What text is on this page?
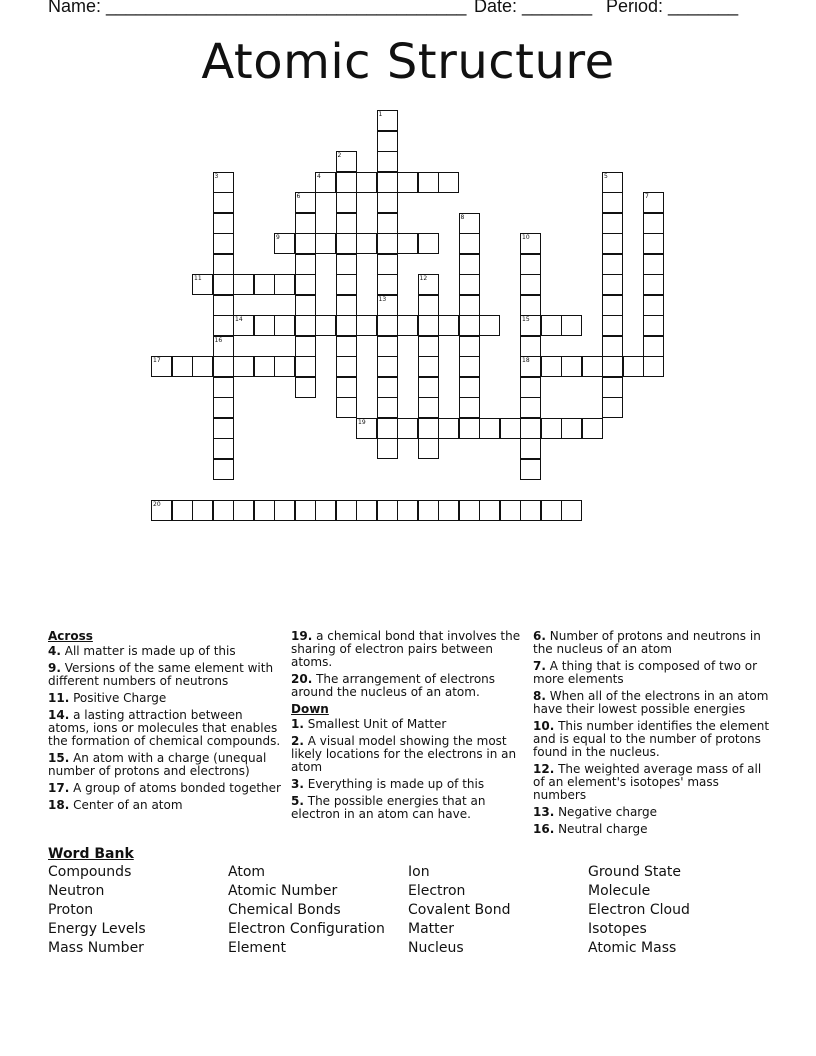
Name: ____________________________________ Date: _______ Period: _______
Atomic Structure
1
13
2
3
16
4	5
6	7
8
9	10
15
18
11	12
14
17
19
20
Across
4. All matter is made up of this
9. Versions of the same element with different numbers of neutrons
11. Positive Charge
14. a lasting attraction between atoms, ions or molecules that enables the formation of chemical compounds.
15. An atom with a charge (unequal number of protons and electrons)
17. A group of atoms bonded together
18. Center of an atom
19. a chemical bond that involves the sharing of electron pairs between atoms.
20. The arrangement of electrons around the nucleus of an atom.
Down
1. Smallest Unit of Matter
2. A visual model showing the most likely locations for the electrons in an atom
3. Everything is made up of this
5. The possible energies that an electron in an atom can have.
6. Number of protons and neutrons in the nucleus of an atom
7. A thing that is composed of two or more elements
8. When all of the electrons in an atom have their lowest possible energies
10. This number identifies the element and is equal to the number of protons found in the nucleus.
12. The weighted average mass of all of an element's isotopes' mass numbers
13. Negative charge
16. Neutral charge
Word Bank
Compounds
Neutron
Proton
Energy Levels
Mass Number
Atom
Atomic Number
Chemical Bonds
Electron Configuration
Element
Ion
Electron
Covalent Bond
Matter
Nucleus
Ground State
Molecule
Electron Cloud
Isotopes
Atomic Mass
